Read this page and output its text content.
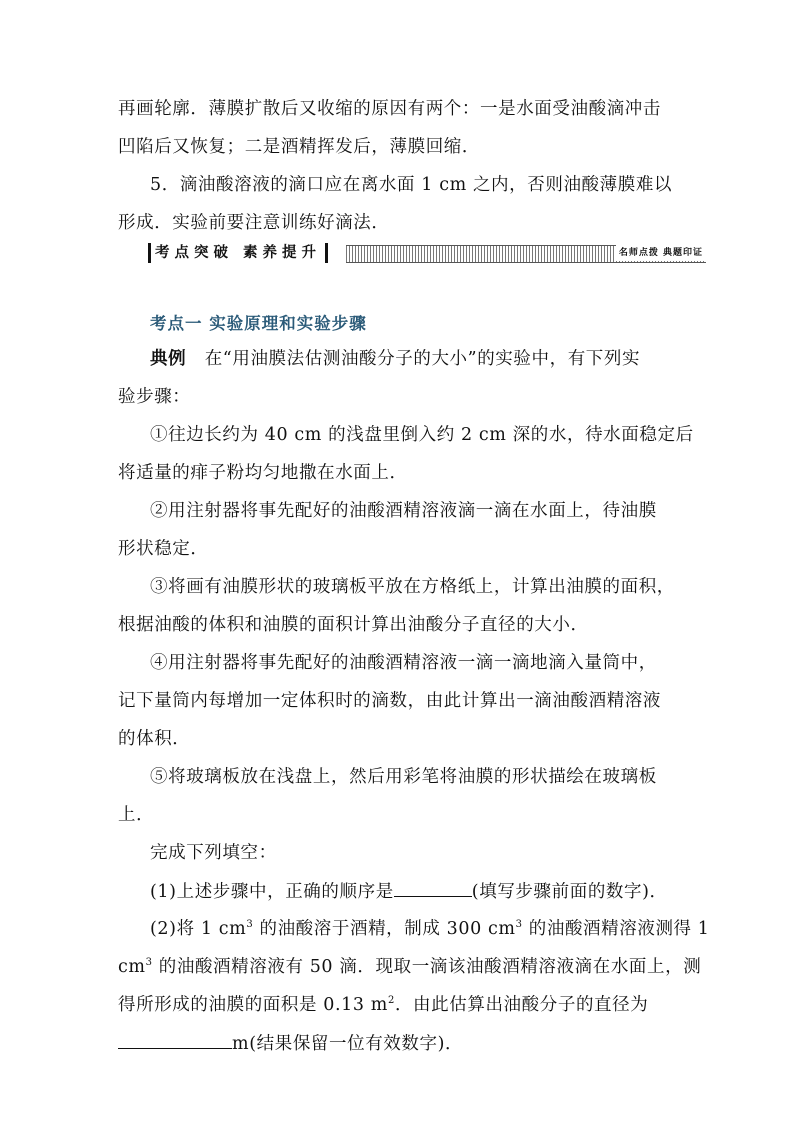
再画轮廓．薄膜扩散后又收缩的原因有两个：一是水面受油酸滴冲击
凹陷后又恢复；二是酒精挥发后，薄膜回缩．
5．滴油酸溶液的滴口应在离水面 1 cm 之内，否则油酸薄膜难以
形成．实验前要注意训练好滴法．
考点突破 素养提升	名师点拨 典题印证
考点一 实验原理和实验步骤
典例 在“用油膜法估测油酸分子的大小”的实验中，有下列实
验步骤：
①往边长约为 40 cm 的浅盘里倒入约 2 cm 深的水，待水面稳定后
将适量的痱子粉均匀地撒在水面上．
②用注射器将事先配好的油酸酒精溶液滴一滴在水面上，待油膜
形状稳定．
③将画有油膜形状的玻璃板平放在方格纸上，计算出油膜的面积，
根据油酸的体积和油膜的面积计算出油酸分子直径的大小．
④用注射器将事先配好的油酸酒精溶液一滴一滴地滴入量筒中，
记下量筒内每增加一定体积时的滴数，由此计算出一滴油酸酒精溶液
的体积．
⑤将玻璃板放在浅盘上，然后用彩笔将油膜的形状描绘在玻璃板
上．
完成下列填空：
(1)上述步骤中，正确的顺序是	(填写步骤前面的数字)．
(2)将 1 $cm^3$ 的油酸溶于酒精，制成 300 $cm^3$ 的油酸酒精溶液测得 1
$cm^3$ 的油酸酒精溶液有 50 滴．现取一滴该油酸酒精溶液滴在水面上，测
得所形成的油膜的面积是 0.13 $m^2$．由此估算出油酸分子的直径为
m(结果保留一位有效数字)．
